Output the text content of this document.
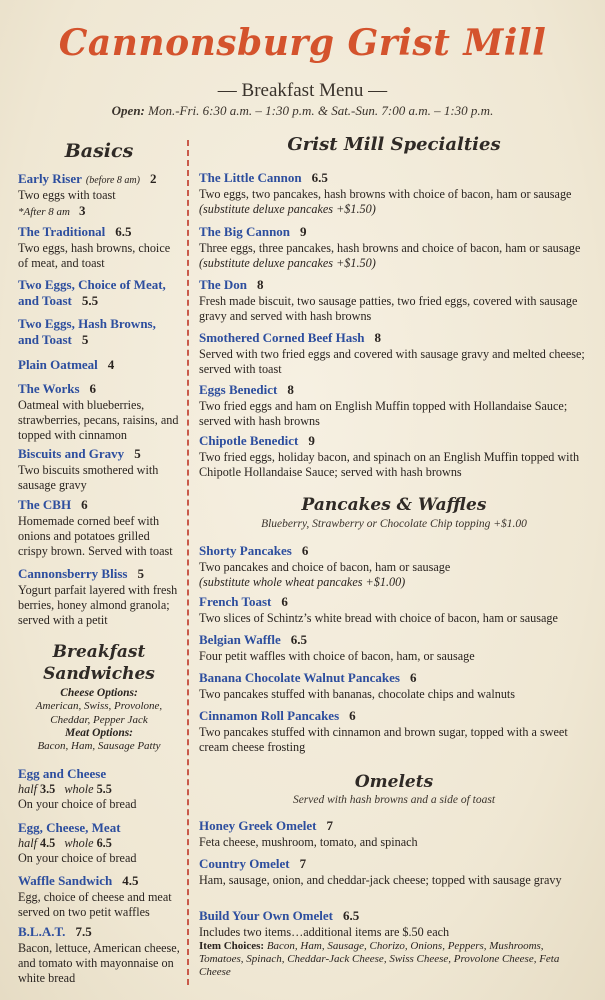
Cannonsburg Grist Mill
— Breakfast Menu —
Open: Mon.-Fri. 6:30 a.m. – 1:30 p.m. & Sat.-Sun. 7:00 a.m. – 1:30 p.m.
Basics
Early Riser (before 8 am) 2
Two eggs with toast
*After 8 am 3
The Traditional 6.5
Two eggs, hash browns, choice of meat, and toast
Two Eggs, Choice of Meat, and Toast 5.5
Two Eggs, Hash Browns, and Toast 5
Plain Oatmeal 4
The Works 6
Oatmeal with blueberries, strawberries, pecans, raisins, and topped with cinnamon
Biscuits and Gravy 5
Two biscuits smothered with sausage gravy
The CBH 6
Homemade corned beef with onions and potatoes grilled crispy brown. Served with toast
Cannonsberry Bliss 5
Yogurt parfait layered with fresh berries, honey almond granola; served with a petit
Breakfast
Sandwiches
Cheese Options:
American, Swiss, Provolone, Cheddar, Pepper Jack
Meat Options:
Bacon, Ham, Sausage Patty
Egg and Cheese
half 3.5 whole 5.5
On your choice of bread
Egg, Cheese, Meat
half 4.5 whole 6.5
On your choice of bread
Waffle Sandwich 4.5
Egg, choice of cheese and meat served on two petit waffles
B.L.A.T. 7.5
Bacon, lettuce, American cheese, and tomato with mayonnaise on white bread
Grist Mill Specialties
The Little Cannon 6.5
Two eggs, two pancakes, hash browns with choice of bacon, ham or sausage
(substitute deluxe pancakes +$1.50)
The Big Cannon 9
Three eggs, three pancakes, hash browns and choice of bacon, ham or sausage (substitute deluxe pancakes +$1.50)
The Don 8
Fresh made biscuit, two sausage patties, two fried eggs, covered with sausage gravy and served with hash browns
Smothered Corned Beef Hash 8
Served with two fried eggs and covered with sausage gravy and melted cheese; served with toast
Eggs Benedict 8
Two fried eggs and ham on English Muffin topped with Hollandaise Sauce; served with hash browns
Chipotle Benedict 9
Two fried eggs, holiday bacon, and spinach on an English Muffin topped with Chipotle Hollandaise Sauce; served with hash browns
Pancakes & Waffles
Blueberry, Strawberry or Chocolate Chip topping +$1.00
Shorty Pancakes 6
Two pancakes and choice of bacon, ham or sausage
(substitute whole wheat pancakes +$1.00)
French Toast 6
Two slices of Schintz’s white bread with choice of bacon, ham or sausage
Belgian Waffle 6.5
Four petit waffles with choice of bacon, ham, or sausage
Banana Chocolate Walnut Pancakes 6
Two pancakes stuffed with bananas, chocolate chips and walnuts
Cinnamon Roll Pancakes 6
Two pancakes stuffed with cinnamon and brown sugar, topped with a sweet cream cheese frosting
Omelets
Served with hash browns and a side of toast
Honey Greek Omelet 7
Feta cheese, mushroom, tomato, and spinach
Country Omelet 7
Ham, sausage, onion, and cheddar-jack cheese; topped with sausage gravy
Build Your Own Omelet 6.5
Includes two items…additional items are $.50 each
Item Choices: Bacon, Ham, Sausage, Chorizo, Onions, Peppers, Mushrooms, Tomatoes, Spinach, Cheddar-Jack Cheese, Swiss Cheese, Provolone Cheese, Feta Cheese
